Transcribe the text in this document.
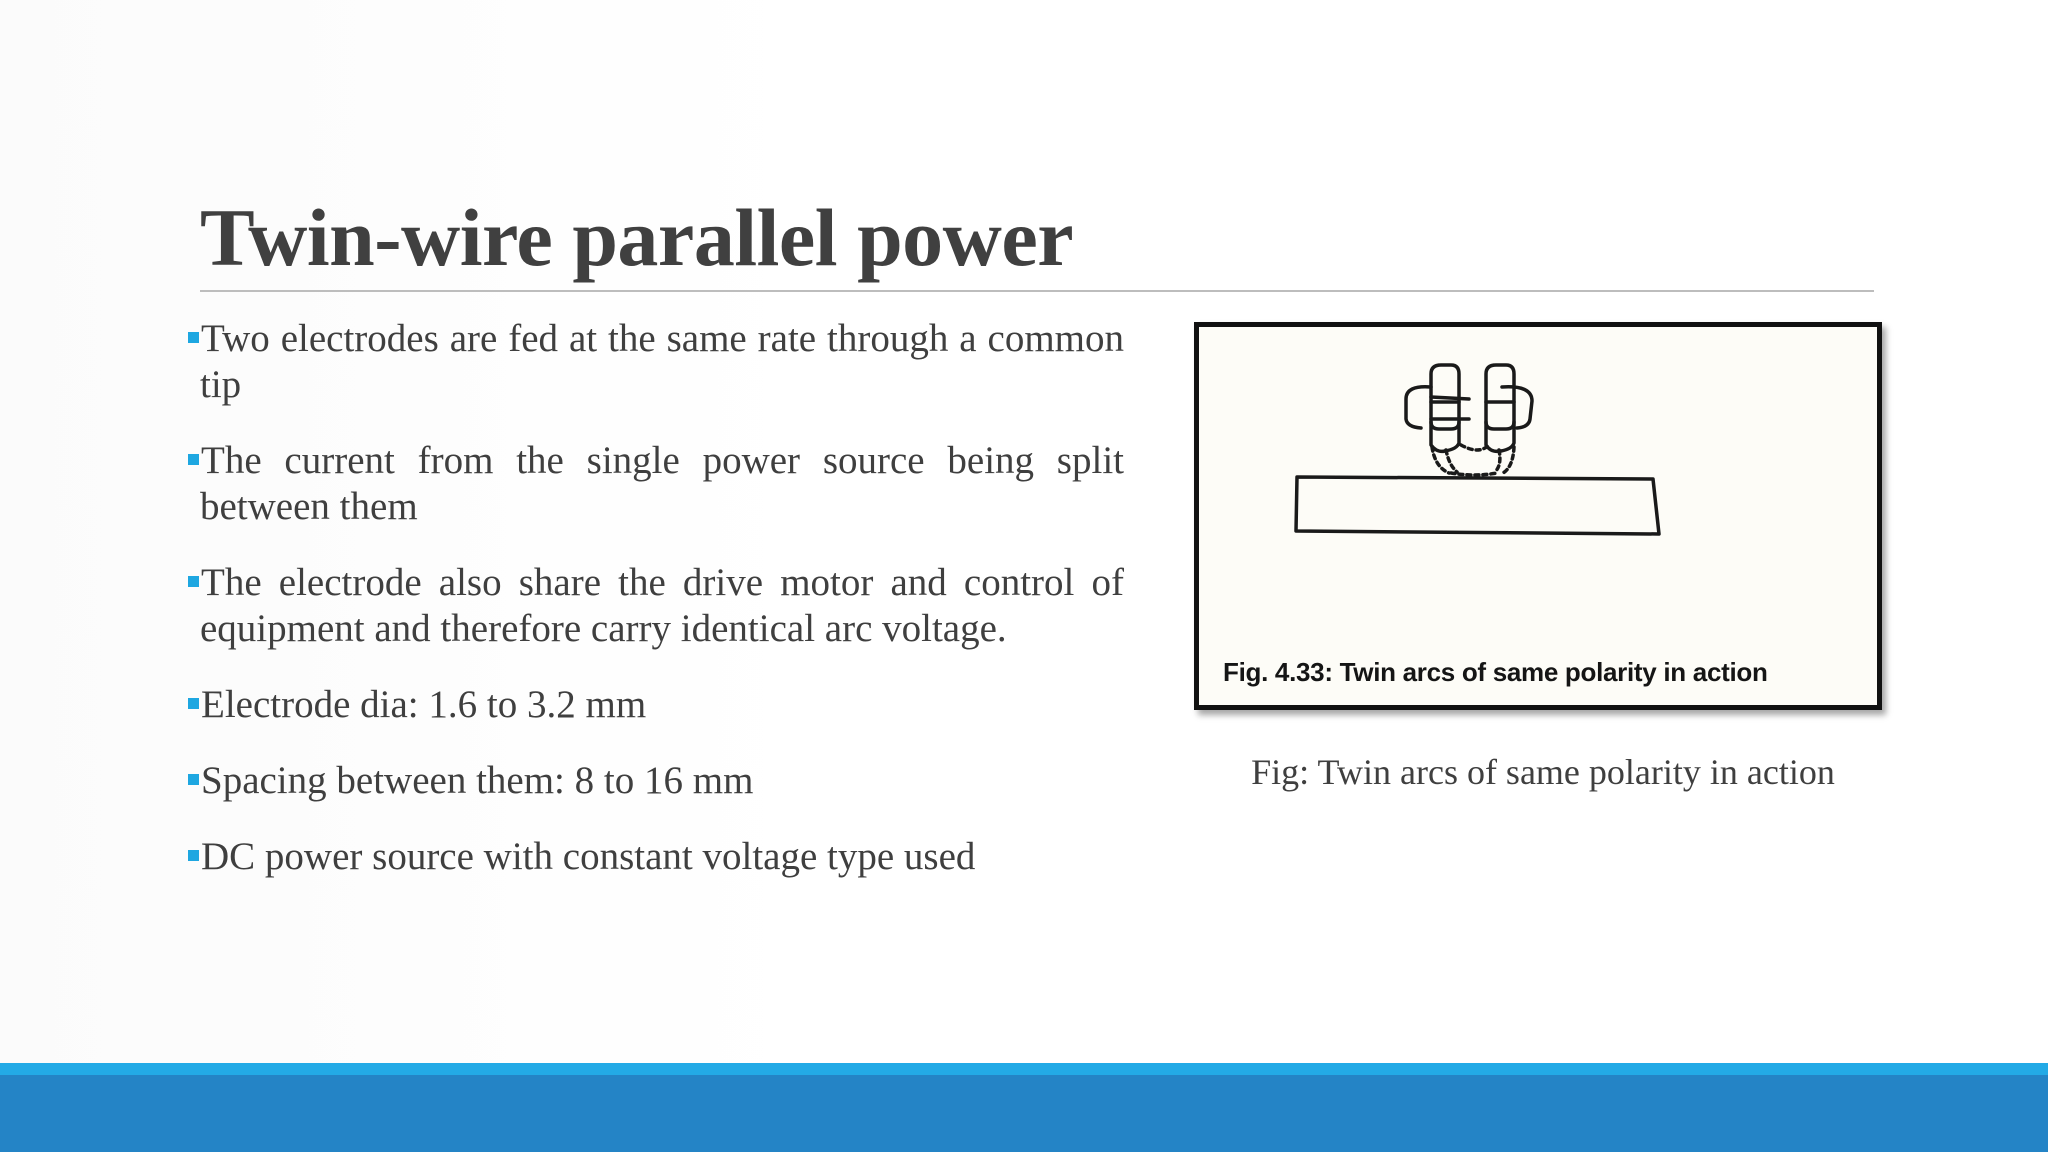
Twin-wire parallel power
Two electrodes are fed at the same rate through a common tip
The current from the single power source being split between them
The electrode also share the drive motor and control of equipment and therefore carry identical arc voltage.
Electrode dia: 1.6 to 3.2 mm
Spacing between them: 8 to 16 mm
DC power source with constant voltage type used
Fig. 4.33: Twin arcs of same polarity in action
Fig: Twin arcs of same polarity in action
